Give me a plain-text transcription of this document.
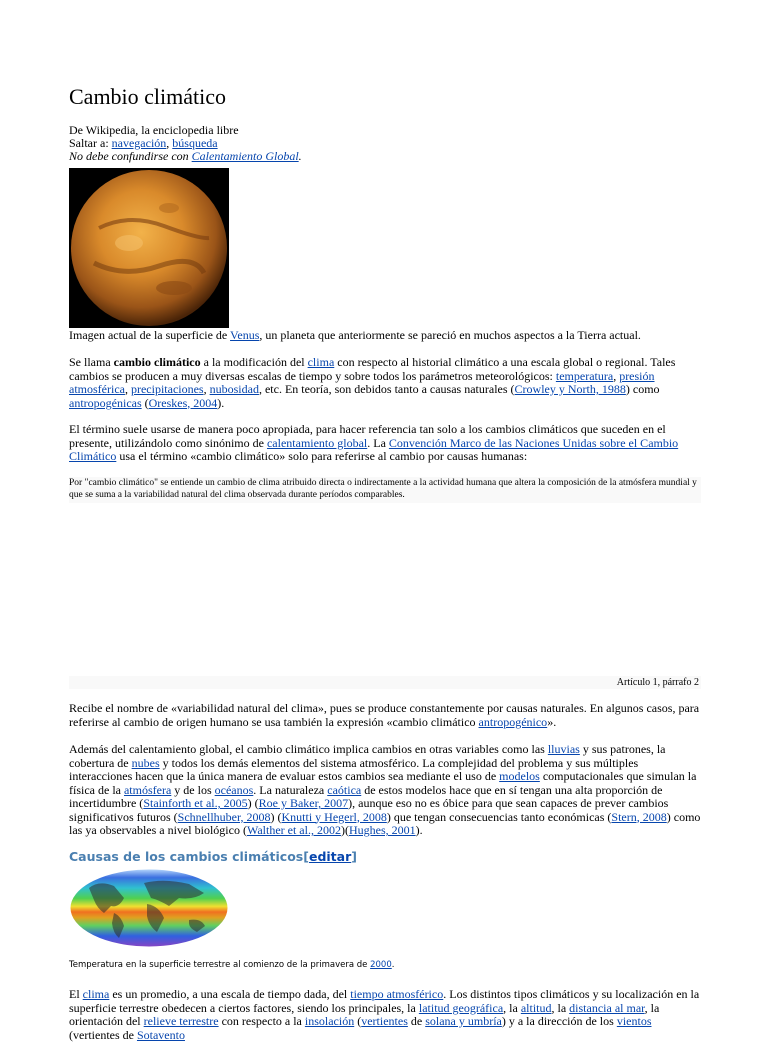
Cambio climático
De Wikipedia, la enciclopedia libre
Saltar a: navegación, búsqueda
No debe confundirse con Calentamiento Global.
Imagen actual de la superficie de Venus, un planeta que anteriormente se pareció en muchos aspectos a la Tierra actual.

Se llama cambio climático a la modificación del clima con respecto al historial climático a una escala global o regional. Tales cambios se producen a muy diversas escalas de tiempo y sobre todos los parámetros meteorológicos: temperatura, presión atmosférica, precipitaciones, nubosidad, etc. En teoría, son debidos tanto a causas naturales (Crowley y North, 1988) como antropogénicas (Oreskes, 2004).

El término suele usarse de manera poco apropiada, para hacer referencia tan solo a los cambios climáticos que suceden en el presente, utilizándolo como sinónimo de calentamiento global. La Convención Marco de las Naciones Unidas sobre el Cambio Climático usa el término «cambio climático» solo para referirse al cambio por causas humanas:

Por "cambio climático" se entiende un cambio de clima atribuido directa o indirectamente a la actividad humana que altera la composición de la atmósfera mundial y que se suma a la variabilidad natural del clima observada durante períodos comparables.
Artículo 1, párrafo 2

Recibe el nombre de «variabilidad natural del clima», pues se produce constantemente por causas naturales. En algunos casos, para referirse al cambio de origen humano se usa también la expresión «cambio climático antropogénico».

Además del calentamiento global, el cambio climático implica cambios en otras variables como las lluvias y sus patrones, la cobertura de nubes y todos los demás elementos del sistema atmosférico. La complejidad del problema y sus múltiples interacciones hacen que la única manera de evaluar estos cambios sea mediante el uso de modelos computacionales que simulan la física de la atmósfera y de los océanos. La naturaleza caótica de estos modelos hace que en sí tengan una alta proporción de incertidumbre (Stainforth et al., 2005) (Roe y Baker, 2007), aunque eso no es óbice para que sean capaces de prever cambios significativos futuros (Schnellhuber, 2008) (Knutti y Hegerl, 2008) que tengan consecuencias tanto económicas (Stern, 2008) como las ya observables a nivel biológico (Walther et al., 2002)(Hughes, 2001).

Causas de los cambios climáticos[editar]
Temperatura en la superficie terrestre al comienzo de la primavera de 2000.

El clima es un promedio, a una escala de tiempo dada, del tiempo atmosférico. Los distintos tipos climáticos y su localización en la superficie terrestre obedecen a ciertos factores, siendo los principales, la latitud geográfica, la altitud, la distancia al mar, la orientación del relieve terrestre con respecto a la insolación (vertientes de solana y umbría) y a la dirección de los vientos (vertientes de Sotavento
